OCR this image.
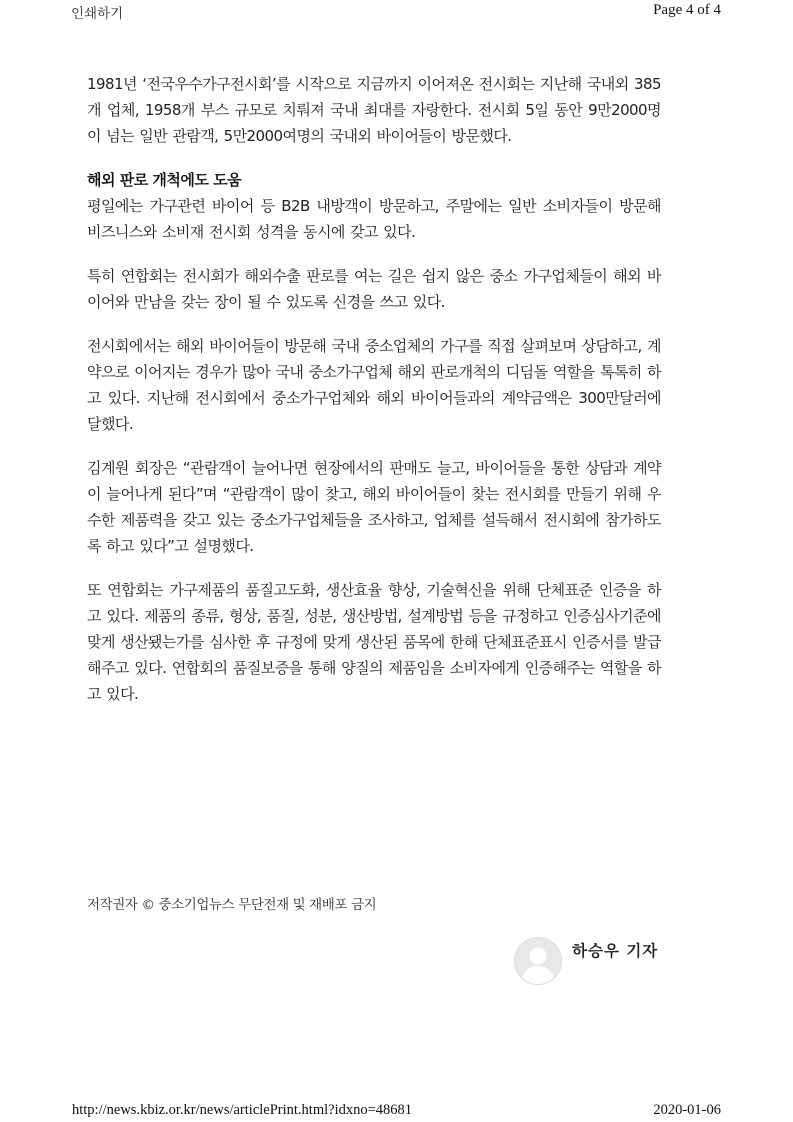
인쇄하기	Page 4 of 4

1981년 ‘전국우수가구전시회’를 시작으로 지금까지 이어져온 전시회는 지난해 국내외 385개 업체, 1958개 부스 규모로 치뤄져 국내 최대를 자랑한다. 전시회 5일 동안 9만2000명이 넘는 일반 관람객, 5만2000여명의 국내외 바이어들이 방문했다.

해외 판로 개척에도 도움

평일에는 가구관련 바이어 등 B2B 내방객이 방문하고, 주말에는 일반 소비자들이 방문해 비즈니스와 소비재 전시회 성격을 동시에 갖고 있다.

특히 연합회는 전시회가 해외수출 판로를 여는 길은 쉽지 않은 중소 가구업체들이 해외 바이어와 만남을 갖는 장이 될 수 있도록 신경을 쓰고 있다.

전시회에서는 해외 바이어들이 방문해 국내 중소업체의 가구를 직접 살펴보며 상담하고, 계약으로 이어지는 경우가 많아 국내 중소가구업체 해외 판로개척의 디딤돌 역할을 톡톡히 하고 있다. 지난해 전시회에서 중소가구업체와 해외 바이어들과의 계약금액은 300만달러에 달했다.

김계원 회장은 “관람객이 늘어나면 현장에서의 판매도 늘고, 바이어들을 통한 상담과 계약이 늘어나게 된다”며 “관람객이 많이 찾고, 해외 바이어들이 찾는 전시회를 만들기 위해 우수한 제품력을 갖고 있는 중소가구업체들을 조사하고, 업체를 설득해서 전시회에 참가하도록 하고 있다”고 설명했다.

또 연합회는 가구제품의 품질고도화, 생산효율 향상, 기술혁신을 위해 단체표준 인증을 하고 있다. 제품의 종류, 형상, 품질, 성분, 생산방법, 설계방법 등을 규정하고 인증심사기준에 맞게 생산됐는가를 심사한 후 규정에 맞게 생산된 품목에 한해 단체표준표시 인증서를 발급해주고 있다. 연합회의 품질보증을 통해 양질의 제품임을 소비자에게 인증해주는 역할을 하고 있다.

저작권자 © 중소기업뉴스 무단전재 및 재배포 금지
하승우 기자
http://news.kbiz.or.kr/news/articlePrint.html?idxno=48681	2020-01-06
